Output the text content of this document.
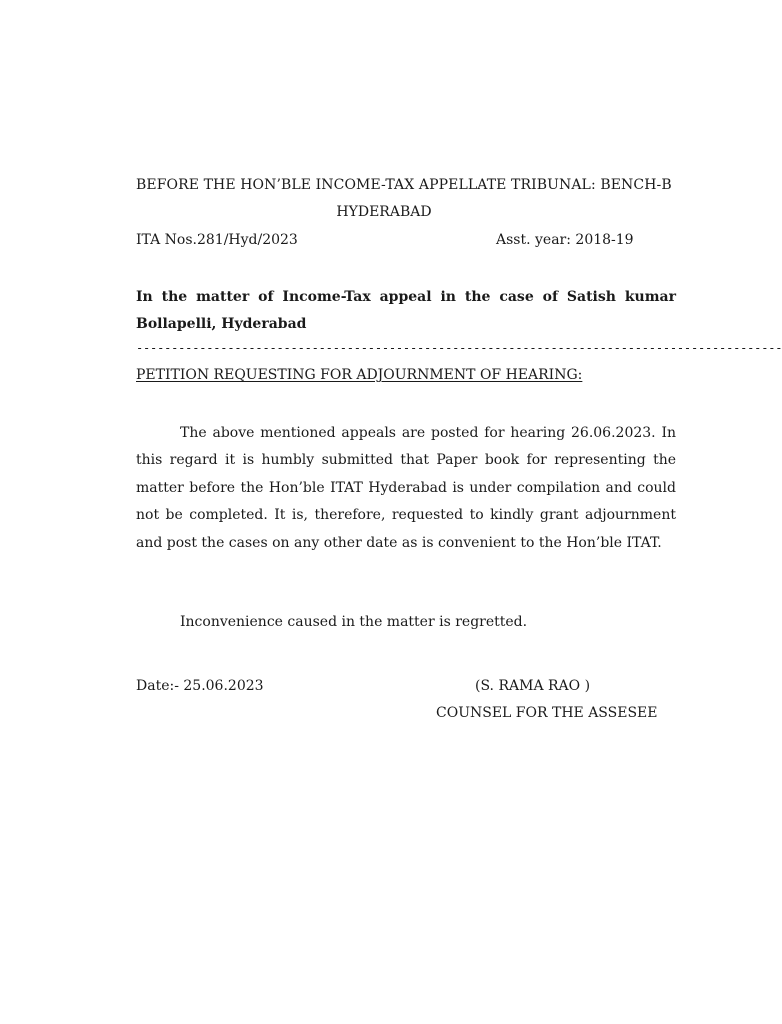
BEFORE THE HON’BLE INCOME-TAX APPELLATE TRIBUNAL: BENCH-B
HYDERABAD
ITA Nos.281/Hyd/2023	Asst. year: 2018-19
In the matter of Income-Tax appeal in the case of Satish kumar Bollapelli, Hyderabad
--------------------------------------------------------------------------------------------
PETITION REQUESTING FOR ADJOURNMENT OF HEARING:
The above mentioned appeals are posted for hearing 26.06.2023. In this regard it is humbly submitted that Paper book for representing the matter before the Hon’ble ITAT Hyderabad is under compilation and could not be completed. It is, therefore, requested to kindly grant adjournment and post the cases on any other date as is convenient to the Hon’ble ITAT.
Inconvenience caused in the matter is regretted.
Date:- 25.06.2023	(S. RAMA RAO )
COUNSEL FOR THE ASSESEE
